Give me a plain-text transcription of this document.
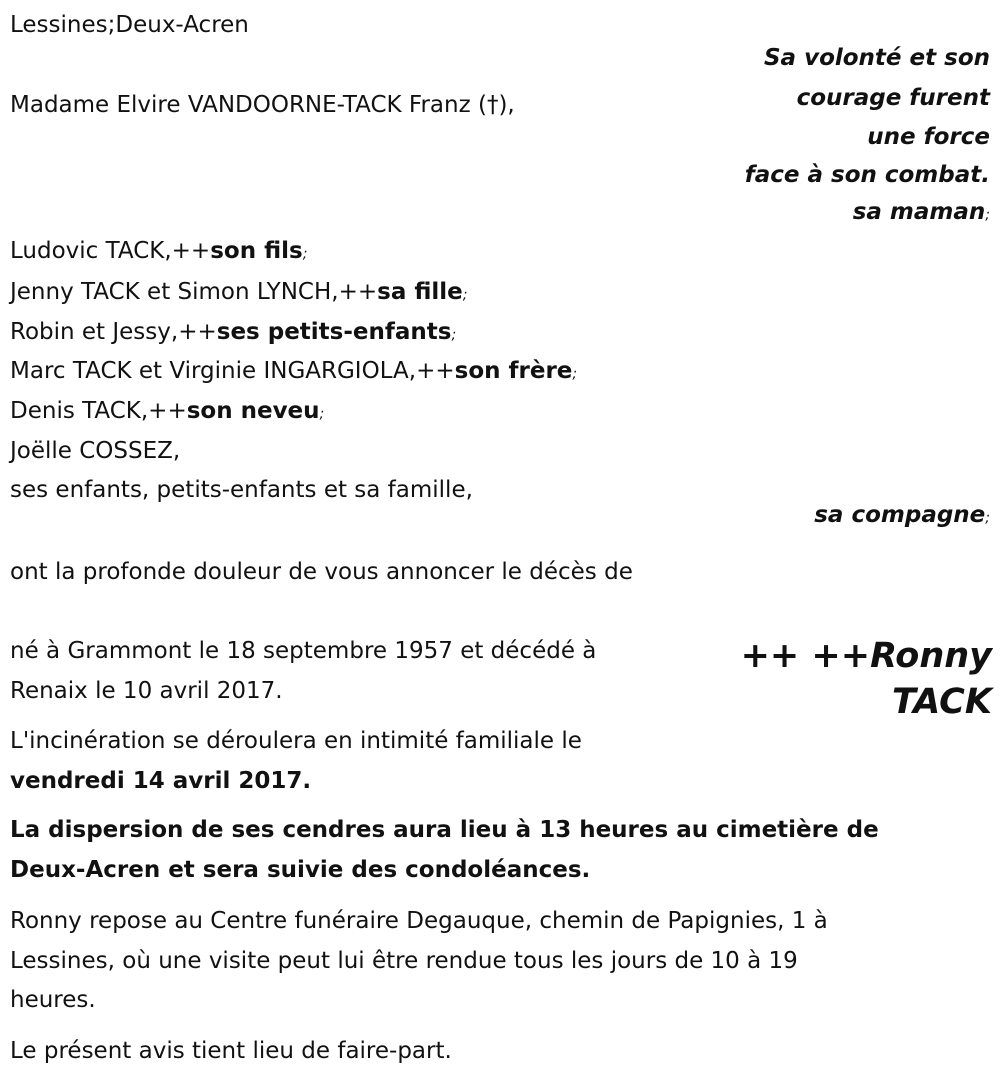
Lessines;Deux-Acren
Sa volonté et son
courage furent
une force
face à son combat.
Madame Elvire VANDOORNE-TACK Franz (†),
sa maman;
Ludovic TACK,++son fils;
Jenny TACK et Simon LYNCH,++sa fille;
Robin et Jessy,++ses petits-enfants;
Marc TACK et Virginie INGARGIOLA,++son frère;
Denis TACK,++son neveu;
Joëlle COSSEZ,
ses enfants, petits-enfants et sa famille,
sa compagne;
ont la profonde douleur de vous annoncer le décès de
++ ++Ronny
TACK
né à Grammont le 18 septembre 1957 et décédé à
Renaix le 10 avril 2017.
L'incinération se déroulera en intimité familiale le
vendredi 14 avril 2017.
La dispersion de ses cendres aura lieu à 13 heures au cimetière de
Deux-Acren et sera suivie des condoléances.
Ronny repose au Centre funéraire Degauque, chemin de Papignies, 1 à
Lessines, où une visite peut lui être rendue tous les jours de 10 à 19
heures.
Le présent avis tient lieu de faire-part.
